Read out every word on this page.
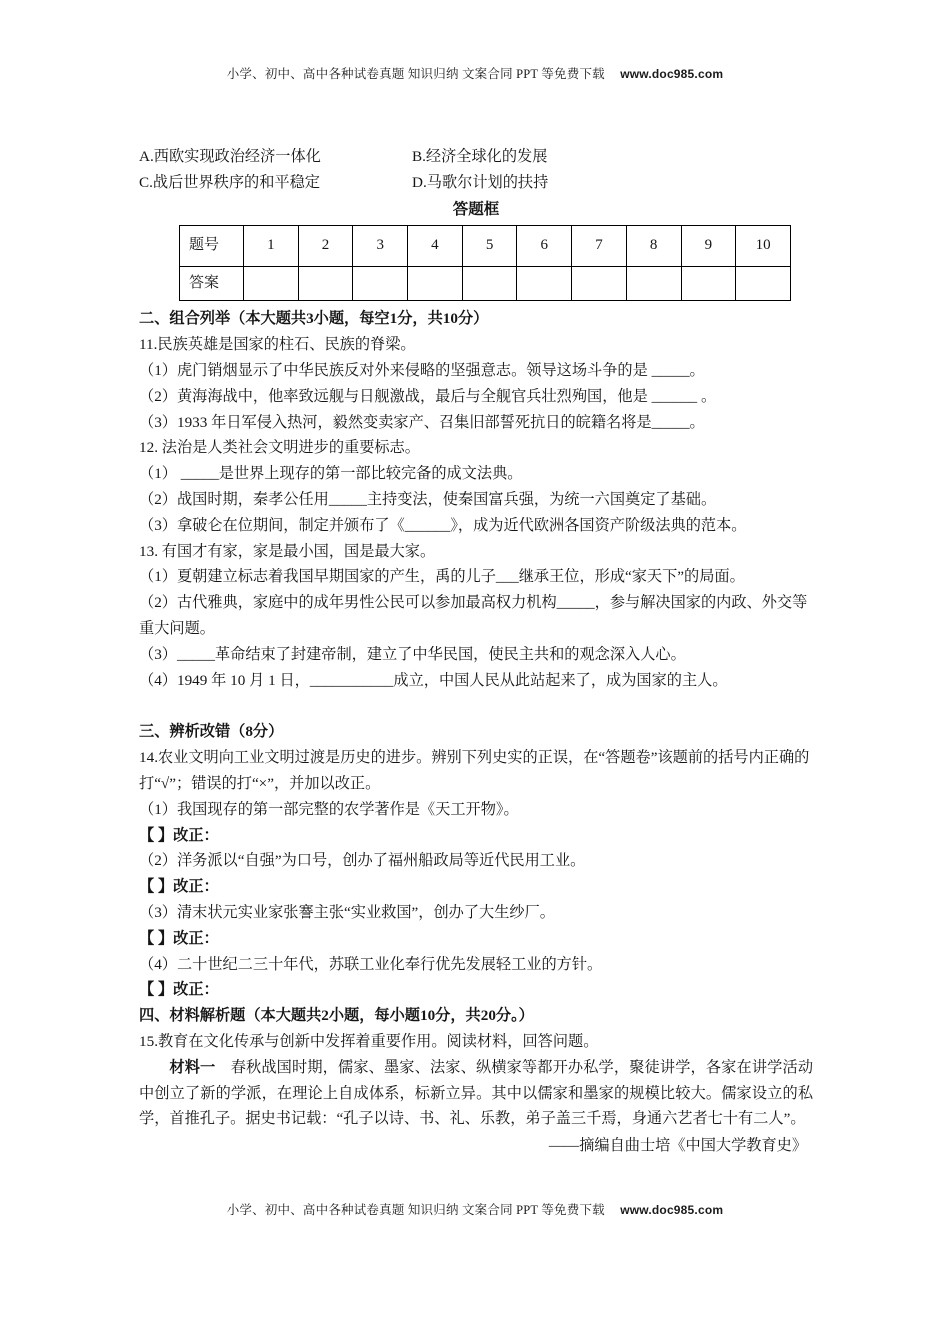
小学、初中、高中各种试卷真题 知识归纳 文案合同 PPT 等免费下载 www.doc985.com

A.西欧实现政治经济一体化	B.经济全球化的发展

C.战后世界秩序的和平稳定	D.马歌尔计划的扶持

答题框

题号	1	2	3	4	5	6	7	8	9	10
答案										

二、组合列举（本大题共3小题，每空1分，共10分）

11.民族英雄是国家的柱石、民族的脊梁。

（1）虎门销烟显示了中华民族反对外来侵略的坚强意志。领导这场斗争的是 _____。

（2）黄海海战中，他率致远舰与日舰激战，最后与全舰官兵壮烈殉国，他是 ______ 。

（3）1933 年日军侵入热河，毅然变卖家产、召集旧部誓死抗日的皖籍名将是_____。

12. 法治是人类社会文明进步的重要标志。

（1） _____是世界上现存的第一部比较完备的成文法典。

（2）战国时期，秦孝公任用_____主持变法，使秦国富兵强，为统一六国奠定了基础。

（3）拿破仑在位期间，制定并颁布了《______》，成为近代欧洲各国资产阶级法典的范本。

13. 有国才有家，家是最小国，国是最大家。

（1）夏朝建立标志着我国早期国家的产生，禹的儿子___继承王位，形成“家天下”的局面。

（2）古代雅典，家庭中的成年男性公民可以参加最高权力机构_____，参与解决国家的内政、外交等重大问题。

（3）_____革命结束了封建帝制，建立了中华民国，使民主共和的观念深入人心。

（4）1949 年 10 月 1 日，___________成立，中国人民从此站起来了，成为国家的主人。

三、辨析改错（8分）

14.农业文明向工业文明过渡是历史的进步。辨别下列史实的正误，在“答题卷”该题前的括号内正确的打“√”；错误的打“×”，并加以改正。

（1）我国现存的第一部完整的农学著作是《天工开物》。

【 】改正：

（2）洋务派以“自强”为口号，创办了福州船政局等近代民用工业。

【 】改正：

（3）清末状元实业家张謇主张“实业救国”，创办了大生纱厂。

【 】改正：

（4）二十世纪二三十年代，苏联工业化奉行优先发展轻工业的方针。

【 】改正：

四、材料解析题（本大题共2小题，每小题10分，共20分。）

15.教育在文化传承与创新中发挥着重要作用。阅读材料，回答问题。

材料一　春秋战国时期，儒家、墨家、法家、纵横家等都开办私学，聚徒讲学，各家在讲学活动中创立了新的学派，在理论上自成体系，标新立异。其中以儒家和墨家的规模比较大。儒家设立的私学，首推孔子。据史书记载：“孔子以诗、书、礼、乐教，弟子盖三千焉，身通六艺者七十有二人”。

——摘编自曲士培《中国大学教育史》

小学、初中、高中各种试卷真题 知识归纳 文案合同 PPT 等免费下载 www.doc985.com
